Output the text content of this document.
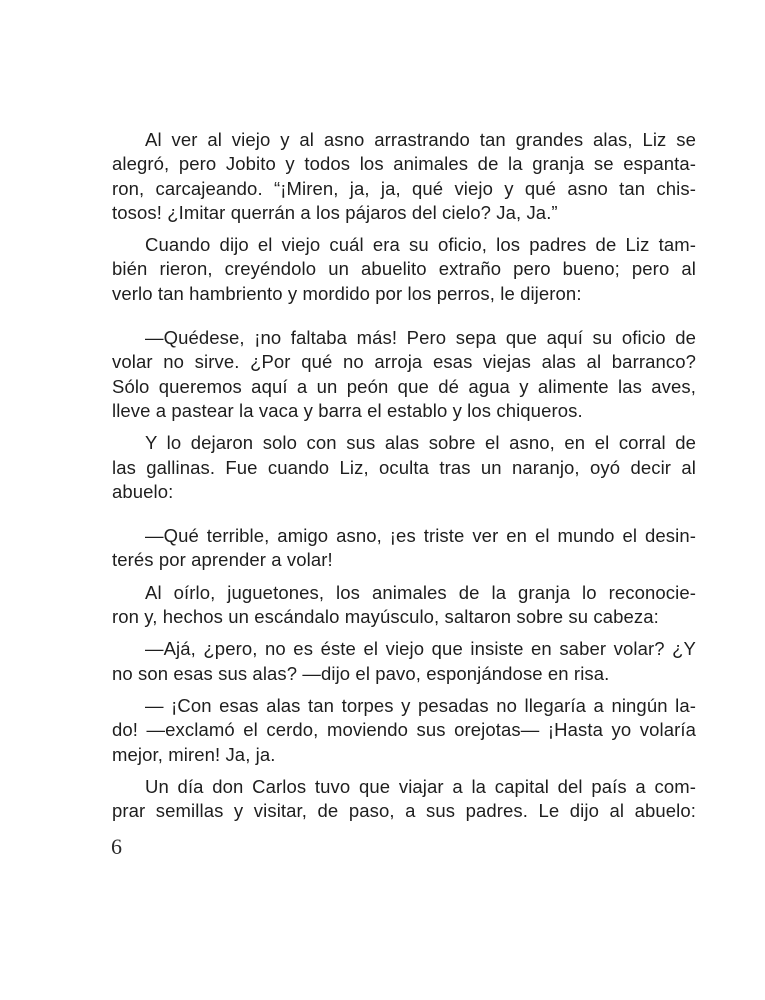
Al ver al viejo y al asno arrastrando tan grandes alas, Liz se
alegró, pero Jobito y todos los animales de la granja se espanta-
ron, carcajeando. “¡Miren, ja, ja, qué viejo y qué asno tan chis-
tosos! ¿Imitar querrán a los pájaros del cielo? Ja, Ja.”
Cuando dijo el viejo cuál era su oficio, los padres de Liz tam-
bién rieron, creyéndolo un abuelito extraño pero bueno; pero al
verlo tan hambriento y mordido por los perros, le dijeron:
—Quédese, ¡no faltaba más! Pero sepa que aquí su oficio de
volar no sirve. ¿Por qué no arroja esas viejas alas al barranco?
Sólo queremos aquí a un peón que dé agua y alimente las aves,
lleve a pastear la vaca y barra el establo y los chiqueros.
Y lo dejaron solo con sus alas sobre el asno, en el corral de
las gallinas. Fue cuando Liz, oculta tras un naranjo, oyó decir al
abuelo:
—Qué terrible, amigo asno, ¡es triste ver en el mundo el desin-
terés por aprender a volar!
Al oírlo, juguetones, los animales de la granja lo reconocie-
ron y, hechos un escándalo mayúsculo, saltaron sobre su cabeza:
—Ajá, ¿pero, no es éste el viejo que insiste en saber volar? ¿Y
no son esas sus alas? —dijo el pavo, esponjándose en risa.
— ¡Con esas alas tan torpes y pesadas no llegaría a ningún la-
do! —exclamó el cerdo, moviendo sus orejotas— ¡Hasta yo volaría
mejor, miren! Ja, ja.
Un día don Carlos tuvo que viajar a la capital del país a com-
prar semillas y visitar, de paso, a sus padres. Le dijo al abuelo:
6
